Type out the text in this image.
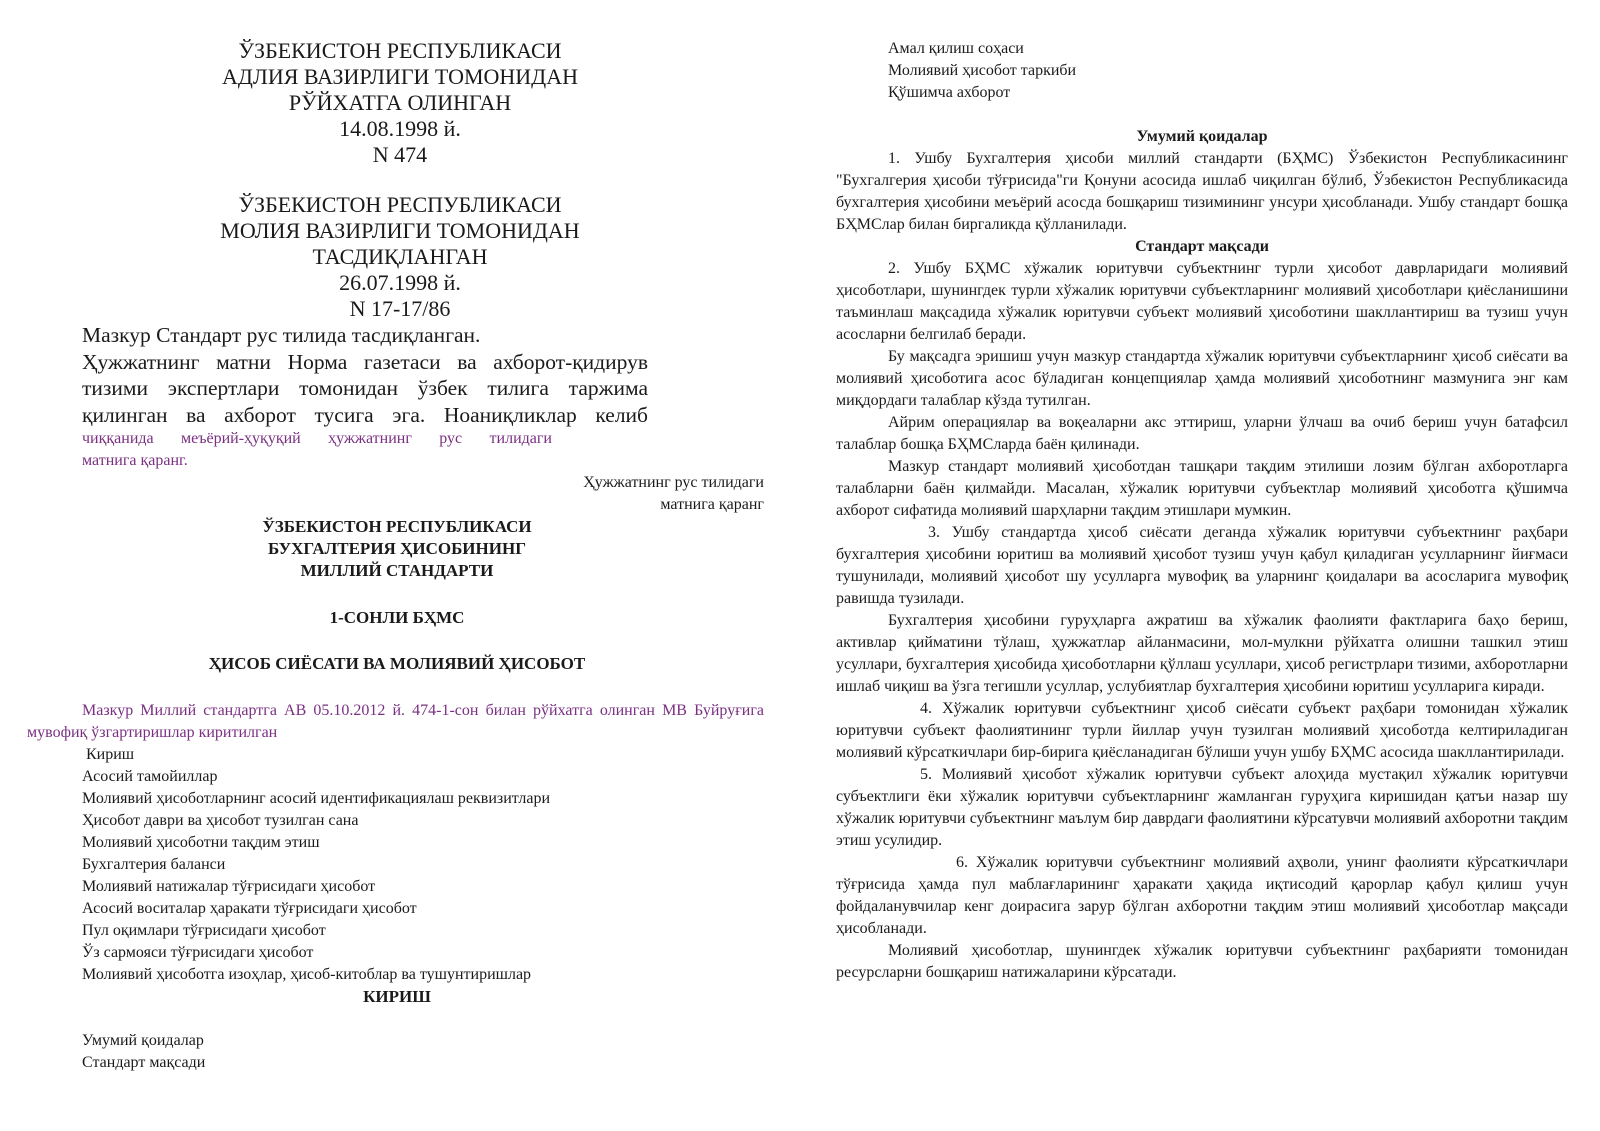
ЎЗБЕКИСТОН РЕСПУБЛИКАСИ
АДЛИЯ ВАЗИРЛИГИ ТОМОНИДАН
РЎЙХАТГА ОЛИНГАН
14.08.1998 й.
N 474
ЎЗБЕКИСТОН РЕСПУБЛИКАСИ
МОЛИЯ ВАЗИРЛИГИ ТОМОНИДАН
ТАСДИҚЛАНГАН
26.07.1998 й.
N 17-17/86
Мазкур Стандарт рус тилида тасдиқланган.
Ҳужжатнинг матни Норма газетаси ва ахборот-қидирув
тизими экспертлари томонидан ўзбек тилига таржима
қилинган ва ахборот тусига эга. Ноаниқликлар келиб
чиққанида меъёрий-ҳуқуқий ҳужжатнинг рус тилидаги
матнига қаранг.
Ҳужжатнинг рус тилидаги
матнига қаранг
ЎЗБЕКИСТОН РЕСПУБЛИКАСИ
БУХГАЛТЕРИЯ ҲИСОБИНИНГ
МИЛЛИЙ СТАНДАРТИ
1-СОНЛИ БҲМС
ҲИСОБ СИЁСАТИ ВА МОЛИЯВИЙ ҲИСОБОТ
Мазкур Миллий стандартга АВ 05.10.2012 й. 474-1-сон билан рўйхатга олинган МВ Буйруғига мувофиқ ўзгартиришлар киритилган
Кириш
Асосий тамойиллар
Молиявий ҳисоботларнинг асосий идентификациялаш реквизитлари
Ҳисобот даври ва ҳисобот тузилган сана
Молиявий ҳисоботни тақдим этиш
Бухгалтерия баланси
Молиявий натижалар тўғрисидаги ҳисобот
Асосий воситалар ҳаракати тўғрисидаги ҳисобот
Пул оқимлари тўғрисидаги ҳисобот
Ўз сармояси тўғрисидаги ҳисобот
Молиявий ҳисоботга изоҳлар, ҳисоб-китоблар ва тушунтиришлар
КИРИШ
Умумий қоидалар
Стандарт мақсади
Амал қилиш соҳаси
Молиявий ҳисобот таркиби
Қўшимча ахборот
Умумий қоидалар

1. Ушбу Бухгалтерия ҳисоби миллий стандарти (БҲМС) Ўзбекистон Республикасининг "Бухгалгерия ҳисоби тўғрисида"ги Қонуни асосида ишлаб чиқилган бўлиб, Ўзбекистон Республикасида бухгалтерия ҳисобини меъёрий асосда бошқариш тизимининг унсури ҳисобланади. Ушбу стандарт бошқа БҲМСлар билан биргаликда қўлланилади.

Стандарт мақсади

2. Ушбу БҲМС хўжалик юритувчи субъектнинг турли ҳисобот даврларидаги молиявий ҳисоботлари, шунингдек турли хўжалик юритувчи субъектларнинг молиявий ҳисоботлари қиёсланишини таъминлаш мақсадида хўжалик юритувчи субъект молиявий ҳисоботини шакллантириш ва тузиш учун асосларни белгилаб беради.

Бу мақсадга эришиш учун мазкур стандартда хўжалик юритувчи субъектларнинг ҳисоб сиёсати ва молиявий ҳисоботига асос бўладиган концепциялар ҳамда молиявий ҳисоботнинг мазмунига энг кам миқдордаги талаблар кўзда тутилган.

Айрим операциялар ва воқеаларни акс эттириш, уларни ўлчаш ва очиб бериш учун батафсил талаблар бошқа БҲМСларда баён қилинади.

Мазкур стандарт молиявий ҳисоботдан ташқари тақдим этилиши лозим бўлган ахборотларга талабларни баён қилмайди. Масалан, хўжалик юритувчи субъектлар молиявий ҳисоботга қўшимча ахборот сифатида молиявий шарҳларни тақдим этишлари мумкин.

3. Ушбу стандартда ҳисоб сиёсати деганда хўжалик юритувчи субъектнинг раҳбари бухгалтерия ҳисобини юритиш ва молиявий ҳисобот тузиш учун қабул қиладиган усулларнинг йиғмаси тушунилади, молиявий ҳисобот шу усулларга мувофиқ ва уларнинг қоидалари ва асосларига мувофиқ равишда тузилади.

Бухгалтерия ҳисобини гуруҳларга ажратиш ва хўжалик фаолияти фактларига баҳо бериш, активлар қийматини тўлаш, ҳужжатлар айланмасини, мол-мулкни рўйхатга олишни ташкил этиш усуллари, бухгалтерия ҳисобида ҳисоботларни қўллаш усуллари, ҳисоб регистрлари тизими, ахборотларни ишлаб чиқиш ва ўзга тегишли усуллар, услубиятлар бухгалтерия ҳисобини юритиш усулларига киради.

4. Хўжалик юритувчи субъектнинг ҳисоб сиёсати субъект раҳбари томонидан хўжалик юритувчи субъект фаолиятининг турли йиллар учун тузилган молиявий ҳисоботда келтириладиган молиявий кўрсаткичлари бир-бирига қиёсланадиган бўлиши учун ушбу БҲМС асосида шакллантирилади.

5. Молиявий ҳисобот хўжалик юритувчи субъект алоҳида мустақил хўжалик юритувчи субъектлиги ёки хўжалик юритувчи субъектларнинг жамланган гуруҳига киришидан қатъи назар шу хўжалик юритувчи субъектнинг маълум бир даврдаги фаолиятини кўрсатувчи молиявий ахборотни тақдим этиш усулидир.

6. Хўжалик юритувчи субъектнинг молиявий аҳволи, унинг фаолияти кўрсаткичлари тўғрисида ҳамда пул маблағларининг ҳаракати ҳақида иқтисодий қарорлар қабул қилиш учун фойдаланувчилар кенг доирасига зарур бўлган ахборотни тақдим этиш молиявий ҳисоботлар мақсади ҳисобланади.

Молиявий ҳисоботлар, шунингдек хўжалик юритувчи субъектнинг раҳбарияти томонидан ресурсларни бошқариш натижаларини кўрсатади.
